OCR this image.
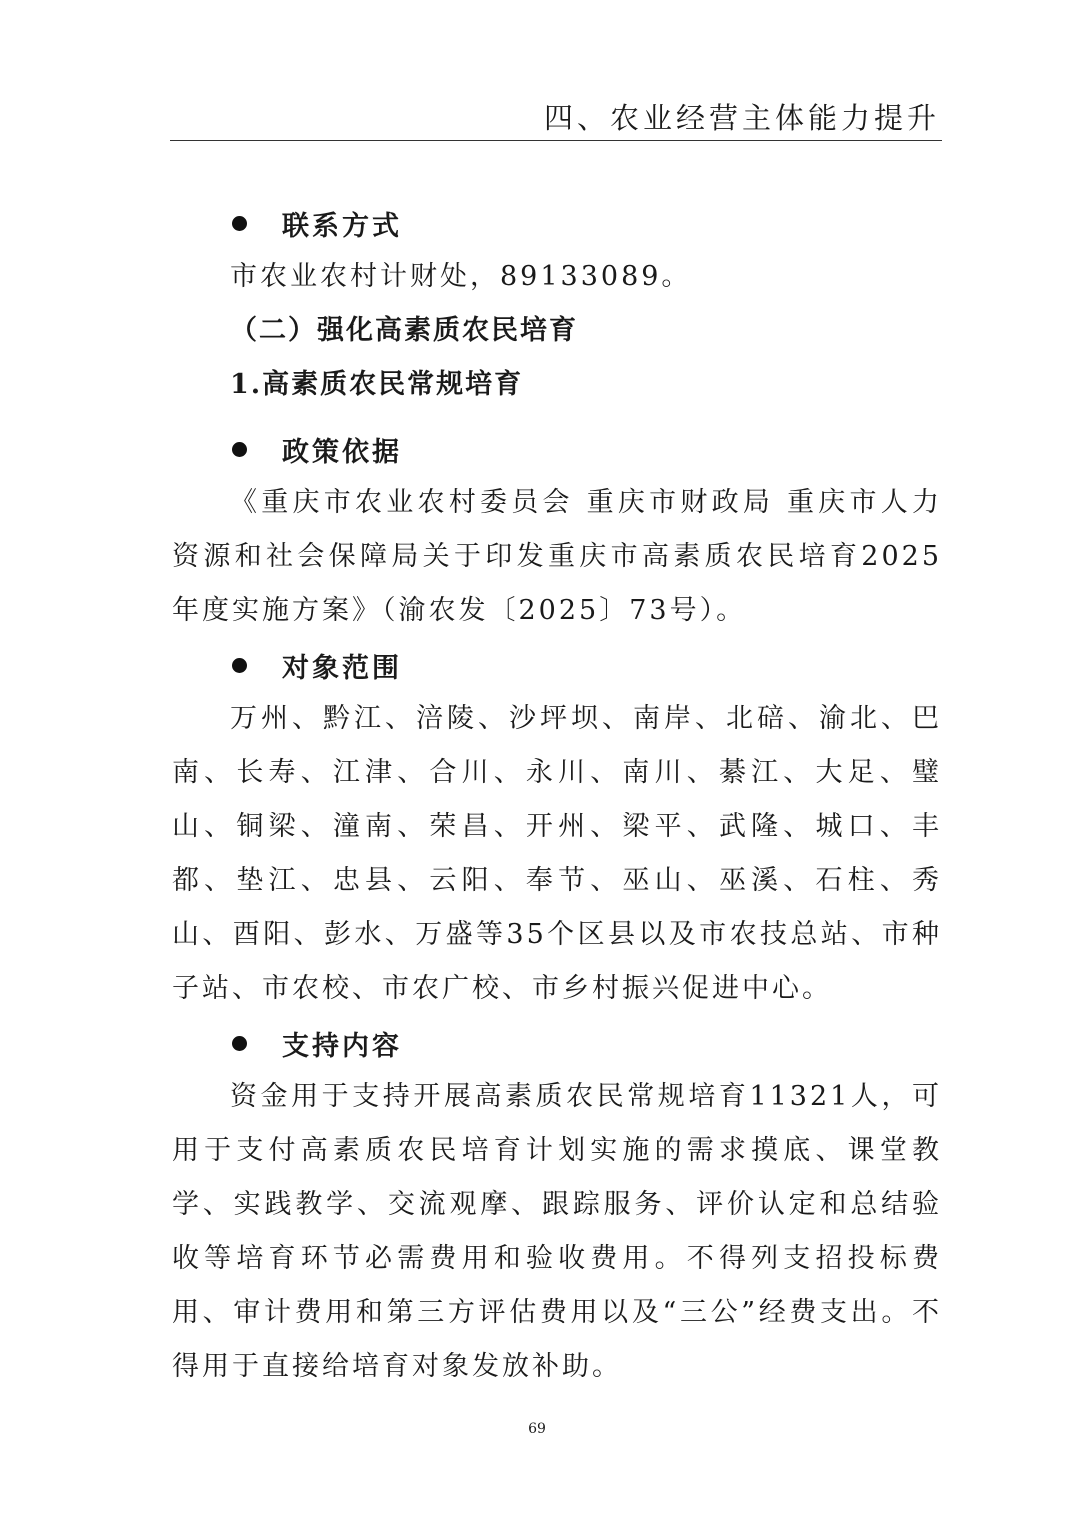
四、农业经营主体能力提升
联系方式

市农业农村计财处，89133089。

（二）强化高素质农民培育

1.高素质农民常规培育

政策依据

《重庆市农业农村委员会 重庆市财政局 重庆市人力资源和社会保障局关于印发重庆市高素质农民培育2025年度实施方案》（渝农发〔2025〕73号）。

对象范围

万州、黔江、涪陵、沙坪坝、南岸、北碚、渝北、巴南、长寿、江津、合川、永川、南川、綦江、大足、璧山、铜梁、潼南、荣昌、开州、梁平、武隆、城口、丰都、垫江、忠县、云阳、奉节、巫山、巫溪、石柱、秀山、酉阳、彭水、万盛等35个区县以及市农技总站、市种子站、市农校、市农广校、市乡村振兴促进中心。

支持内容

资金用于支持开展高素质农民常规培育11321人，可用于支付高素质农民培育计划实施的需求摸底、课堂教学、实践教学、交流观摩、跟踪服务、评价认定和总结验收等培育环节必需费用和验收费用。不得列支招投标费用、审计费用和第三方评估费用以及“三公”经费支出。不得用于直接给培育对象发放补助。

69
